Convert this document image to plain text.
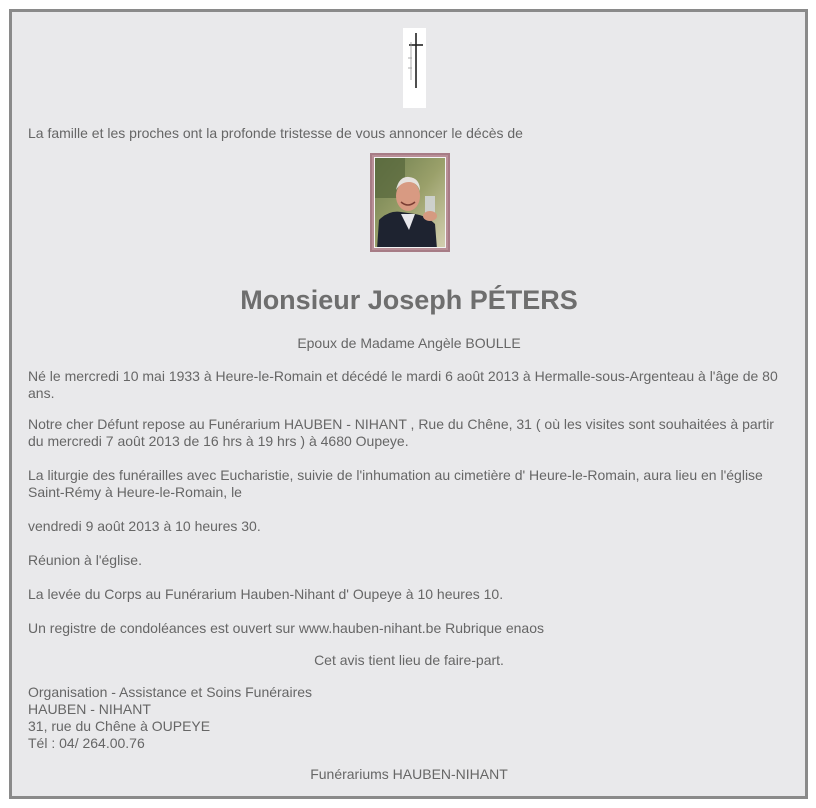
La famille et les proches ont la profonde tristesse de vous annoncer le décès de

Monsieur Joseph PÉTERS

Epoux de Madame Angèle BOULLE

Né le mercredi 10 mai 1933 à Heure-le-Romain et décédé le mardi 6 août 2013 à Hermalle-sous-Argenteau à l'âge de 80 ans.

Notre cher Défunt repose au Funérarium HAUBEN - NIHANT , Rue du Chêne, 31 ( où les visites sont souhaitées à partir du mercredi 7 août 2013 de 16 hrs à 19 hrs ) à 4680 Oupeye.

La liturgie des funérailles avec Eucharistie, suivie de l'inhumation au cimetière d' Heure-le-Romain, aura lieu en l'église Saint-Rémy à Heure-le-Romain, le

vendredi 9 août 2013 à 10 heures 30.

Réunion à l'église.

La levée du Corps au Funérarium Hauben-Nihant d' Oupeye à 10 heures 10.

Un registre de condoléances est ouvert sur www.hauben-nihant.be Rubrique enaos

Cet avis tient lieu de faire-part.

Organisation - Assistance et Soins Funéraires

HAUBEN - NIHANT

31, rue du Chêne à OUPEYE

Tél : 04/ 264.00.76

Funérariums HAUBEN-NIHANT
